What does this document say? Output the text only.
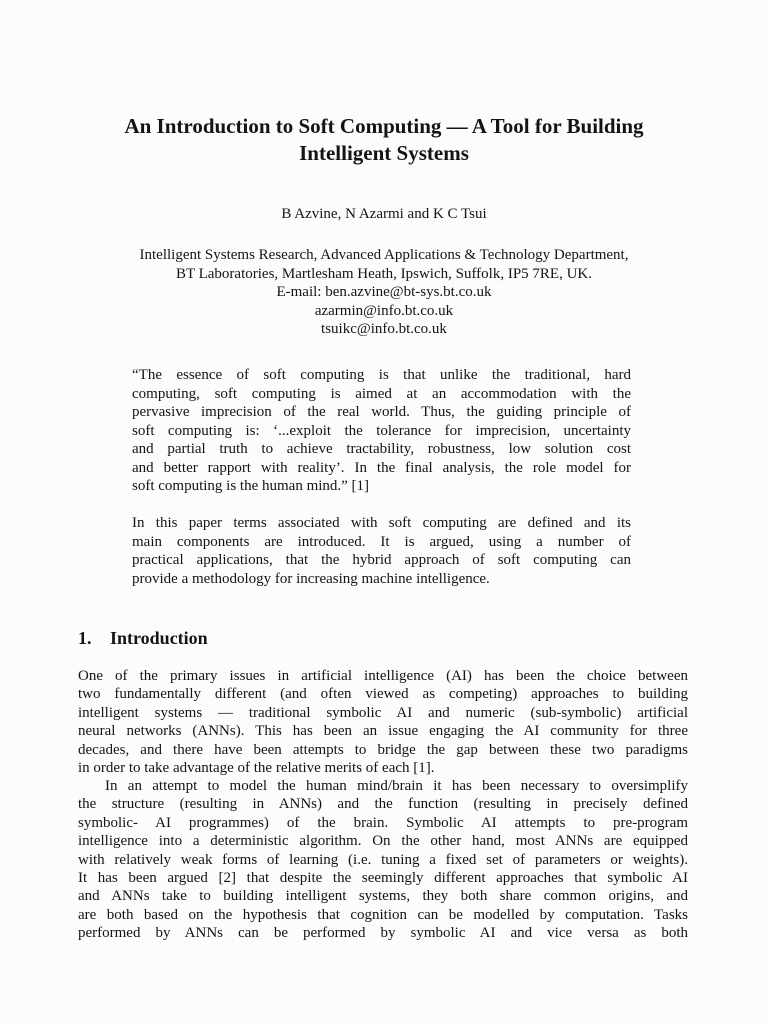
An Introduction to Soft Computing — A Tool for Building
Intelligent Systems
B Azvine, N Azarmi and K C Tsui
Intelligent Systems Research, Advanced Applications & Technology Department,
BT Laboratories, Martlesham Heath, Ipswich, Suffolk, IP5 7RE, UK.
E-mail: ben.azvine@bt-sys.bt.co.uk
azarmin@info.bt.co.uk
tsuikc@info.bt.co.uk
“The essence of soft computing is that unlike the traditional, hard
computing, soft computing is aimed at an accommodation with the
pervasive imprecision of the real world. Thus, the guiding principle of
soft computing is: ‘...exploit the tolerance for imprecision, uncertainty
and partial truth to achieve tractability, robustness, low solution cost
and better rapport with reality’. In the final analysis, the role model for
soft computing is the human mind.” [1]
In this paper terms associated with soft computing are defined and its
main components are introduced. It is argued, using a number of
practical applications, that the hybrid approach of soft computing can
provide a methodology for increasing machine intelligence.
1. Introduction
One of the primary issues in artificial intelligence (AI) has been the choice between
two fundamentally different (and often viewed as competing) approaches to building
intelligent systems — traditional symbolic AI and numeric (sub-symbolic) artificial
neural networks (ANNs). This has been an issue engaging the AI community for three
decades, and there have been attempts to bridge the gap between these two paradigms
in order to take advantage of the relative merits of each [1].
In an attempt to model the human mind/brain it has been necessary to oversimplify
the structure (resulting in ANNs) and the function (resulting in precisely defined
symbolic- AI programmes) of the brain. Symbolic AI attempts to pre-program
intelligence into a deterministic algorithm. On the other hand, most ANNs are equipped
with relatively weak forms of learning (i.e. tuning a fixed set of parameters or weights).
It has been argued [2] that despite the seemingly different approaches that symbolic AI
and ANNs take to building intelligent systems, they both share common origins, and
are both based on the hypothesis that cognition can be modelled by computation. Tasks
performed by ANNs can be performed by symbolic AI and vice versa as both
